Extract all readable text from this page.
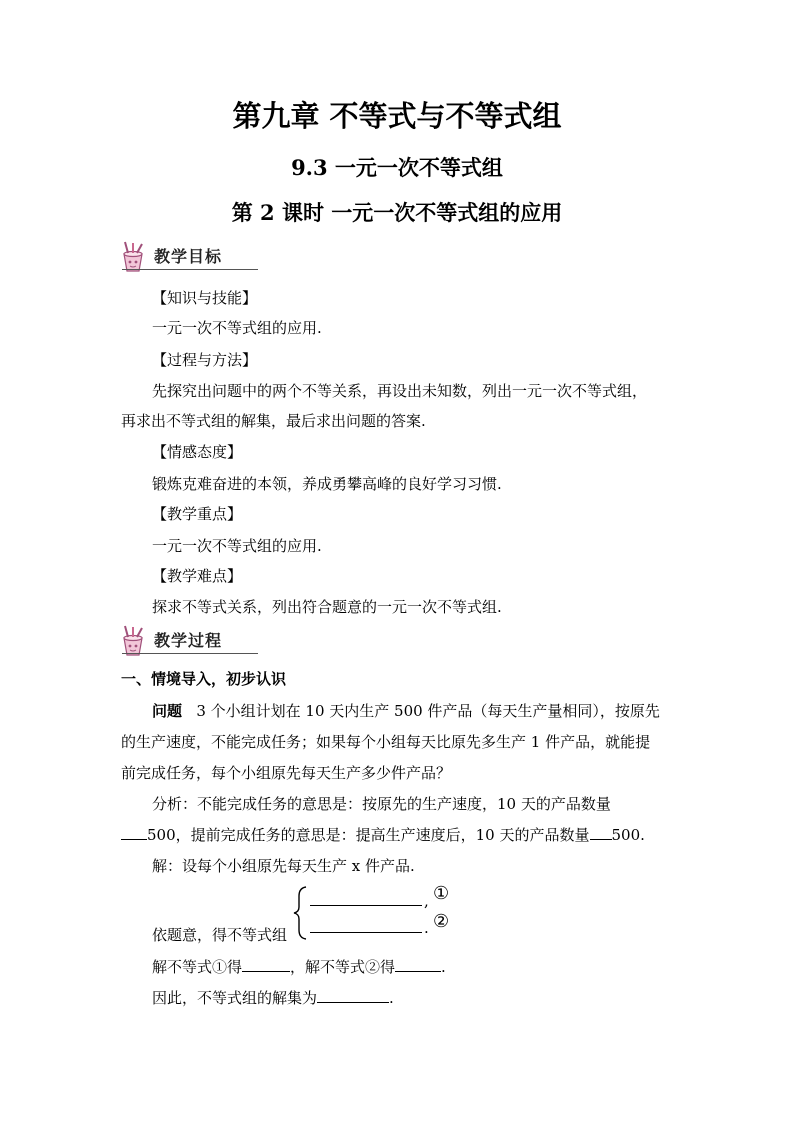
第九章 不等式与不等式组
9.3 一元一次不等式组
第 2 课时 一元一次不等式组的应用
教学目标
【知识与技能】
一元一次不等式组的应用.
【过程与方法】
先探究出问题中的两个不等关系，再设出未知数，列出一元一次不等式组，
再求出不等式组的解集，最后求出问题的答案.
【情感态度】
锻炼克难奋进的本领，养成勇攀高峰的良好学习习惯.
【教学重点】
一元一次不等式组的应用.
【教学难点】
探求不等式关系，列出符合题意的一元一次不等式组.
教学过程
一、情境导入，初步认识
问题 3 个小组计划在 10 天内生产 500 件产品（每天生产量相同），按原先
的生产速度，不能完成任务；如果每个小组每天比原先多生产 1 件产品，就能提
前完成任务，每个小组原先每天生产多少件产品？
分析：不能完成任务的意思是：按原先的生产速度，10 天的产品数量
500，提前完成任务的意思是：提高生产速度后，10 天的产品数量 500.
解：设每个小组原先每天生产 x 件产品.
, ①
. ②
依题意，得不等式组
解不等式①得	，解不等式②得	.
因此，不等式组的解集为	.
